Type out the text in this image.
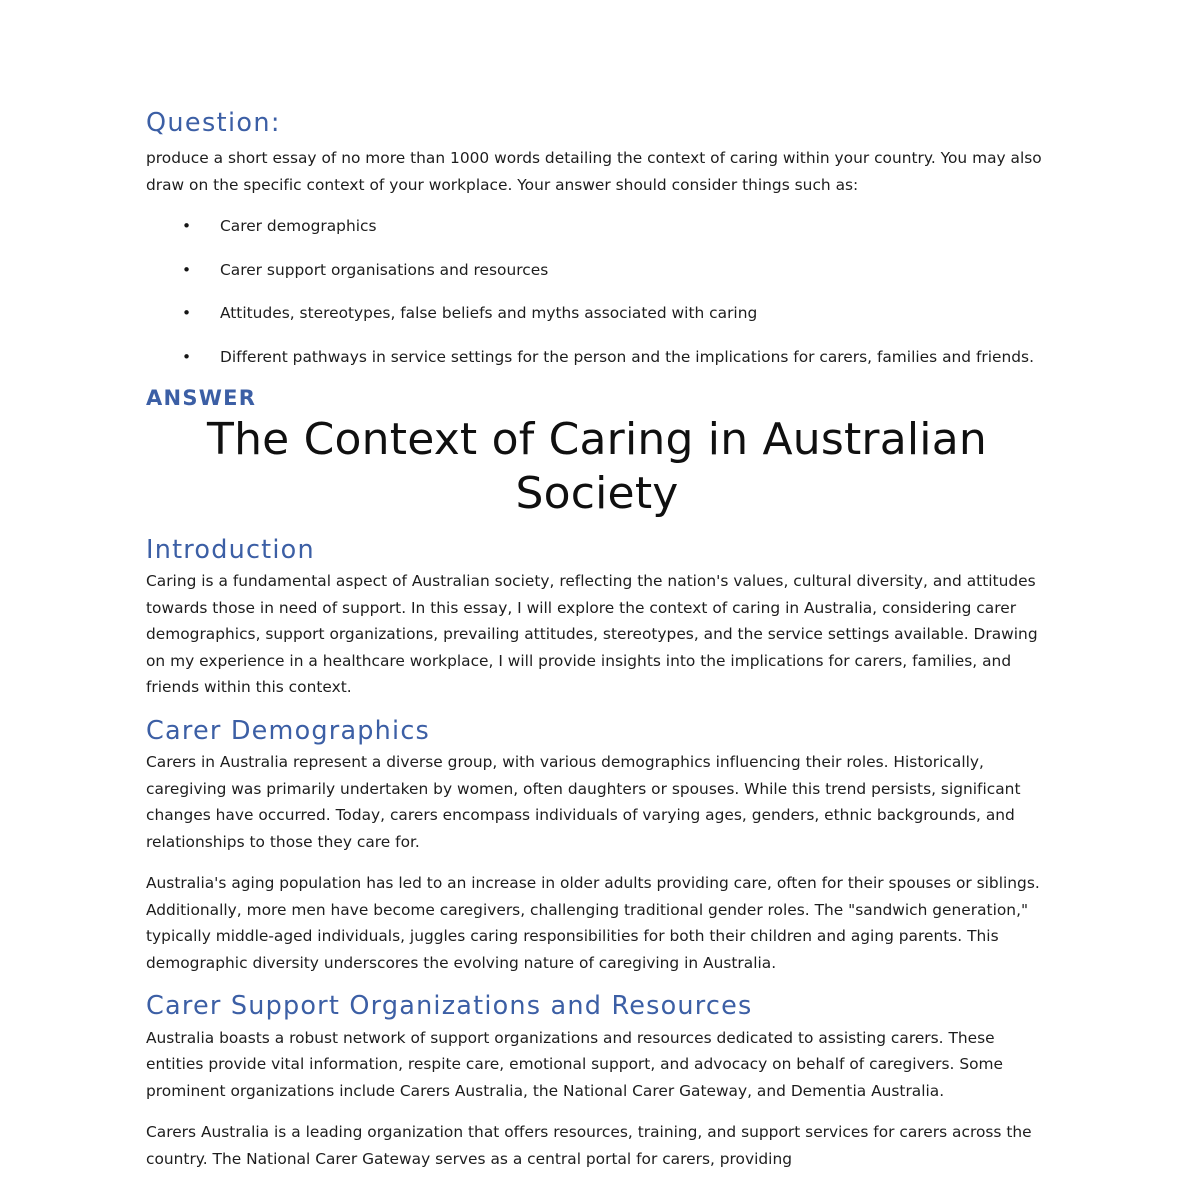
Question:

produce a short essay of no more than 1000 words detailing the context of caring within your country. You may also draw on the specific context of your workplace. Your answer should consider things such as:

• Carer demographics
• Carer support organisations and resources
• Attitudes, stereotypes, false beliefs and myths associated with caring
• Different pathways in service settings for the person and the implications for carers, families and friends.
ANSWER
The Context of Caring in Australian Society
Introduction

Caring is a fundamental aspect of Australian society, reflecting the nation's values, cultural diversity, and attitudes towards those in need of support. In this essay, I will explore the context of caring in Australia, considering carer demographics, support organizations, prevailing attitudes, stereotypes, and the service settings available. Drawing on my experience in a healthcare workplace, I will provide insights into the implications for carers, families, and friends within this context.

Carer Demographics

Carers in Australia represent a diverse group, with various demographics influencing their roles. Historically, caregiving was primarily undertaken by women, often daughters or spouses. While this trend persists, significant changes have occurred. Today, carers encompass individuals of varying ages, genders, ethnic backgrounds, and relationships to those they care for.

Australia's aging population has led to an increase in older adults providing care, often for their spouses or siblings. Additionally, more men have become caregivers, challenging traditional gender roles. The "sandwich generation," typically middle-aged individuals, juggles caring responsibilities for both their children and aging parents. This demographic diversity underscores the evolving nature of caregiving in Australia.

Carer Support Organizations and Resources

Australia boasts a robust network of support organizations and resources dedicated to assisting carers. These entities provide vital information, respite care, emotional support, and advocacy on behalf of caregivers. Some prominent organizations include Carers Australia, the National Carer Gateway, and Dementia Australia.

Carers Australia is a leading organization that offers resources, training, and support services for carers across the country. The National Carer Gateway serves as a central portal for carers, providing
